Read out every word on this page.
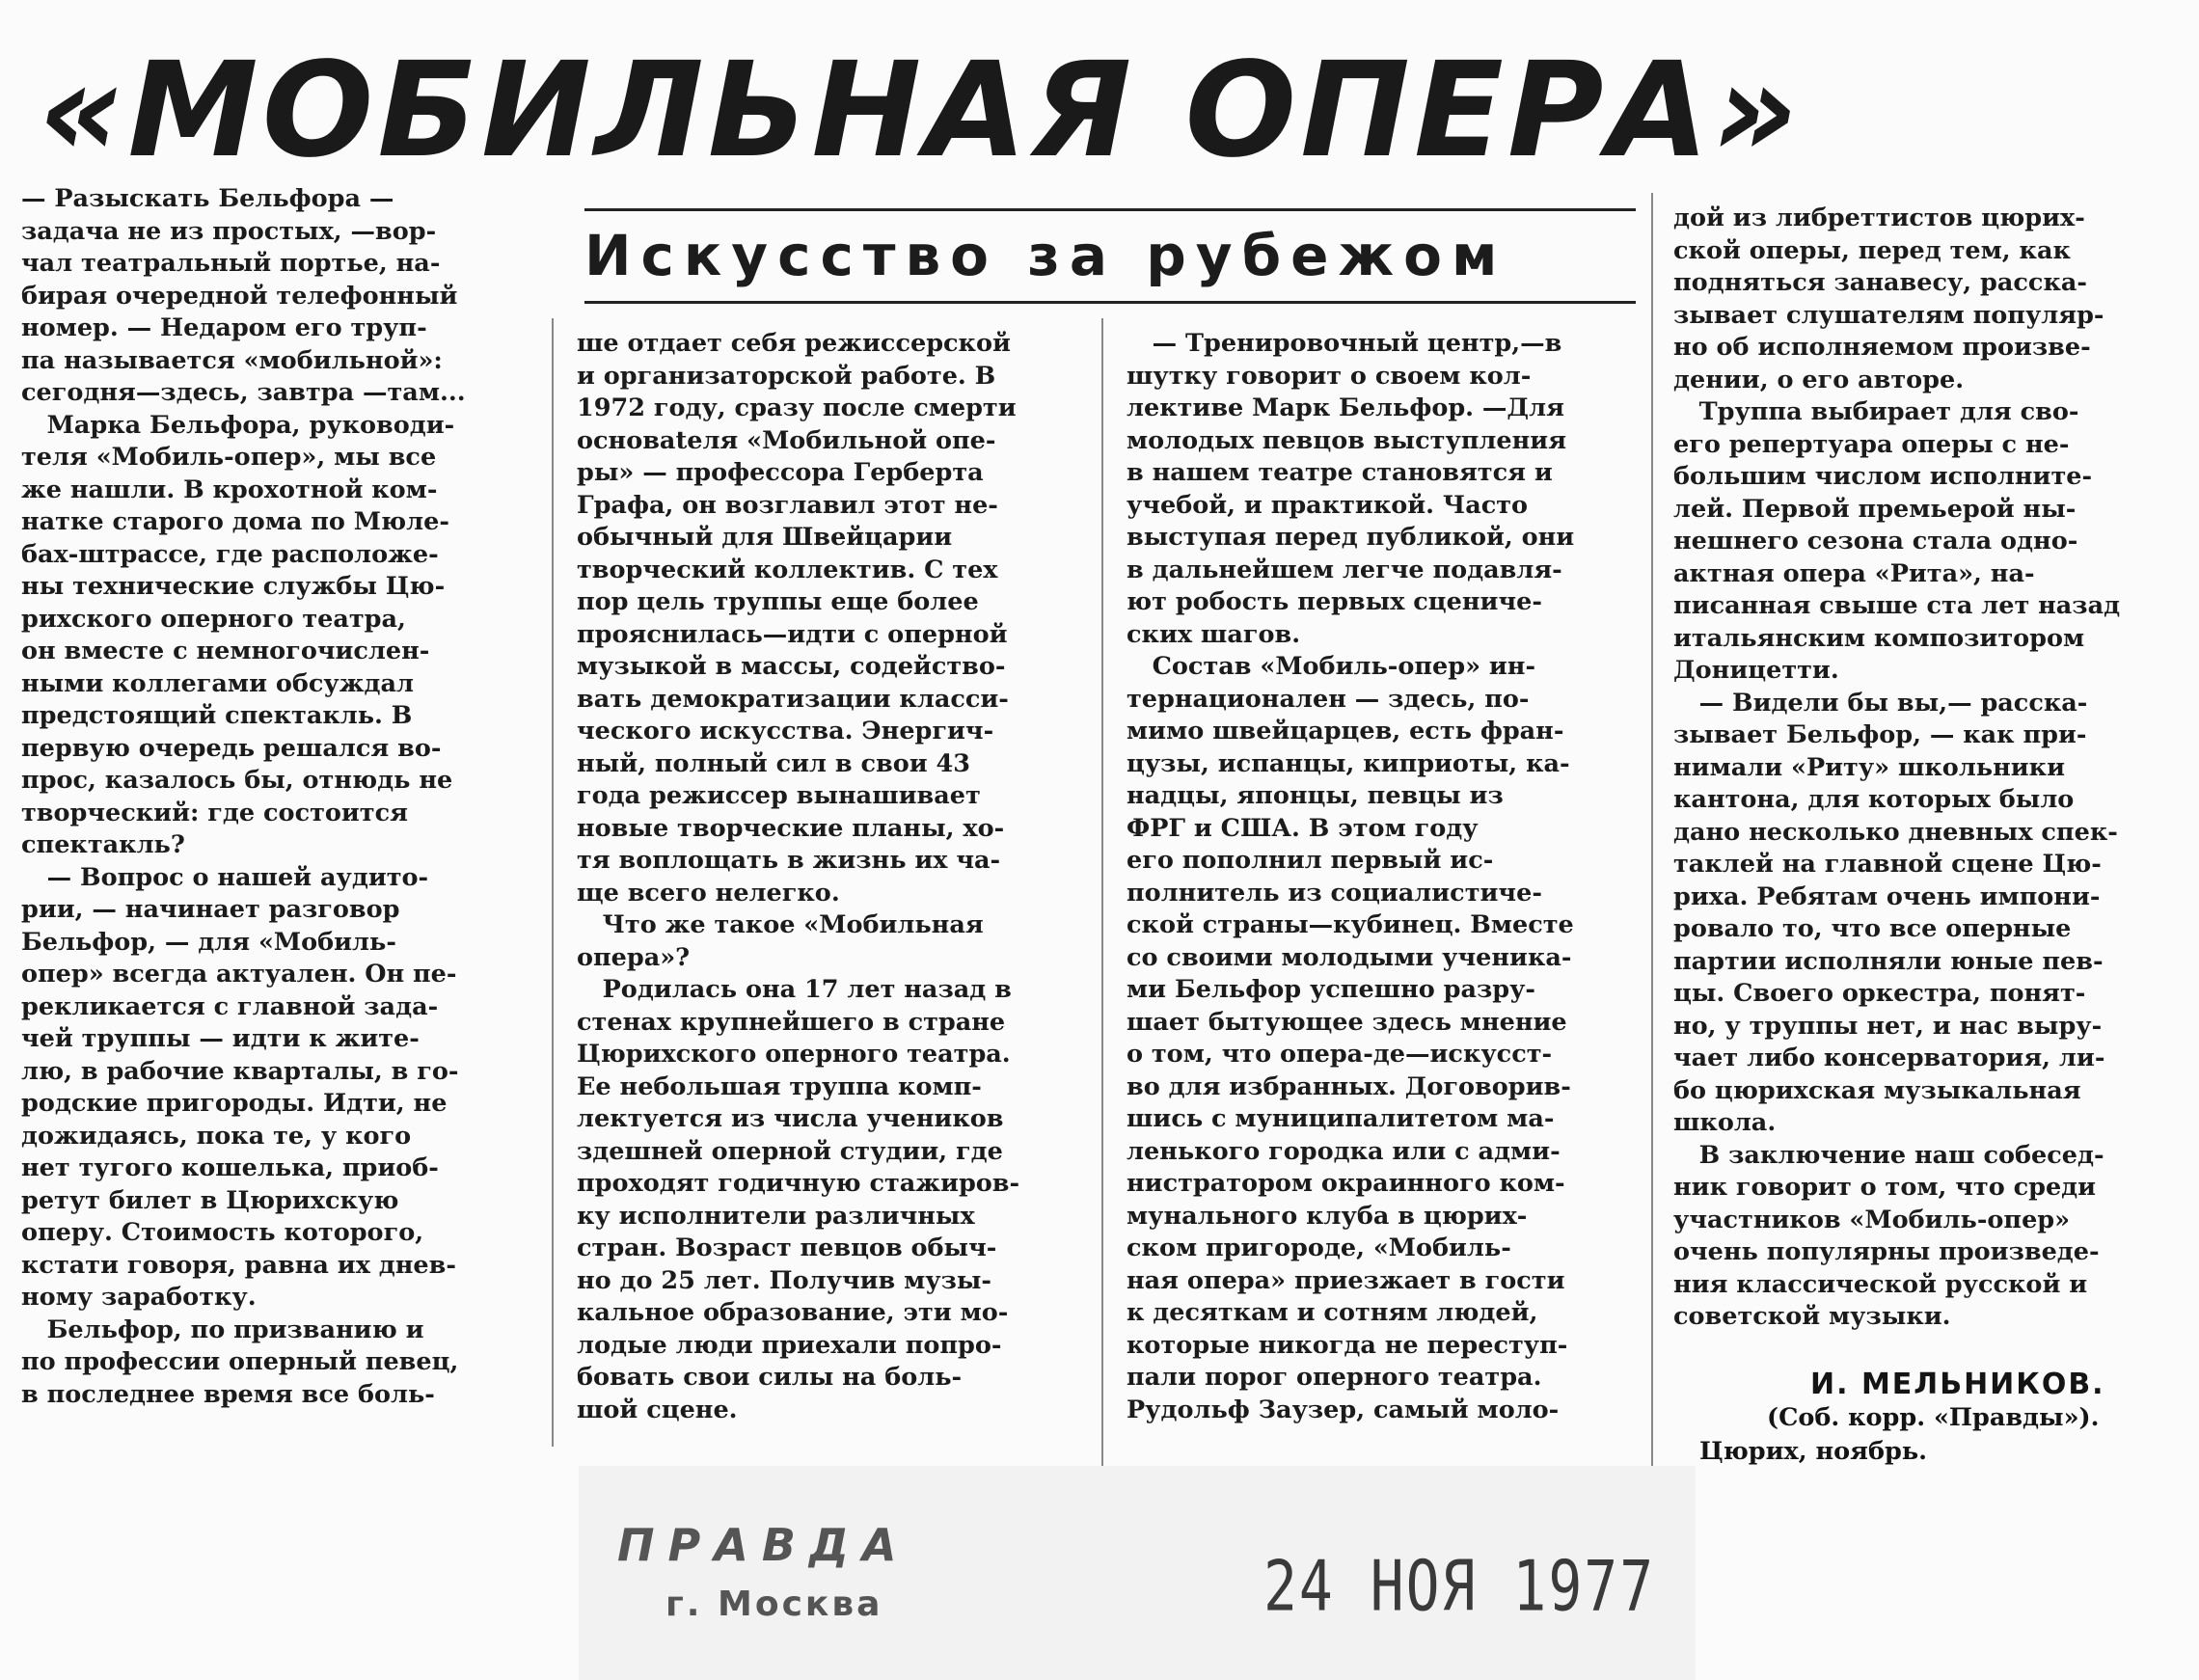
«МОБИЛЬНАЯ ОПЕРА»
Искусство за рубежом
— Разыскать Бельфора —
задача не из простых, —вор-
чал театральный портье, на-
бирая очередной телефонный
номер. — Недаром его труп-
па называется «мобильной»:
сегодня—здесь, завтра —там...
Марка Бельфора, руководи-
теля «Мобиль-опер», мы все
же нашли. В крохотной ком-
натке старого дома по Мюле-
бах-штрассе, где расположе-
ны технические службы Цю-
рихского оперного театра,
он вместе с немногочислен-
ными коллегами обсуждал
предстоящий спектакль. В
первую очередь решался во-
прос, казалось бы, отнюдь не
творческий: где состоится
спектакль?
— Вопрос о нашей аудито-
рии, — начинает разговор
Бельфор, — для «Мобиль-
опер» всегда актуален. Он пе-
рекликается с главной зада-
чей труппы — идти к жите-
лю, в рабочие кварталы, в го-
родские пригороды. Идти, не
дожидаясь, пока те, у кого
нет тугого кошелька, приоб-
ретут билет в Цюрихскую
оперу. Стоимость которого,
кстати говоря, равна их днев-
ному заработку.
Бельфор, по призванию и
по профессии оперный певец,
в последнее время все боль-
ше отдает себя режиссерской
и организаторской работе. В
1972 году, сразу после смерти
основateля «Мобильной опе-
ры» — профессора Герберта
Графа, он возглавил этот не-
обычный для Швейцарии
творческий коллектив. С тех
пор цель труппы еще более
прояснилась—идти с оперной
музыкой в массы, содейство-
вать демократизации класси-
ческого искусства. Энергич-
ный, полный сил в свои 43
года режиссер вынашивает
новые творческие планы, хо-
тя воплощать в жизнь их ча-
ще всего нелегко.
Что же такое «Мобильная
опера»?
Родилась она 17 лет назад в
стенах крупнейшего в стране
Цюрихского оперного театра.
Ее небольшая труппа комп-
лектуется из числа учеников
здешней оперной студии, где
проходят годичную стажиров-
ку исполнители различных
стран. Возраст певцов обыч-
но до 25 лет. Получив музы-
кальное образование, эти мо-
лодые люди приехали попро-
бовать свои силы на боль-
шой сцене.
— Тренировочный центр,—в
шутку говорит о своем кол-
лективе Марк Бельфор. —Для
молодых певцов выступления
в нашем театре становятся и
учебой, и практикой. Часто
выступая перед публикой, они
в дальнейшем легче подавля-
ют робость первых сцениче-
ских шагов.
Состав «Мобиль-опер» ин-
тернационален — здесь, по-
мимо швейцарцев, есть фран-
цузы, испанцы, киприоты, ка-
надцы, японцы, певцы из
ФРГ и США. В этом году
его пополнил первый ис-
полнитель из социалистиче-
ской страны—кубинец. Вместе
со своими молодыми ученика-
ми Бельфор успешно разру-
шает бытующее здесь мнение
о том, что опера-де—искусст-
во для избранных. Договорив-
шись с муниципалитетом ма-
ленького городка или с адми-
нистратором окраинного ком-
мунального клуба в цюрих-
ском пригороде, «Мобиль-
ная опера» приезжает в гости
к десяткам и сотням людей,
которые никогда не переступ-
пали порог оперного театра.
Рудольф Заузер, самый моло-
дой из либреттистов цюрих-
ской оперы, перед тем, как
подняться занавесу, расска-
зывает слушателям популяр-
но об исполняемом произве-
дении, о его авторе.
Труппа выбирает для сво-
его репертуара оперы с не-
большим числом исполните-
лей. Первой премьерой ны-
нешнего сезона стала одно-
актная опера «Рита», на-
писанная свыше ста лет назад
итальянским композитором
Доницетти.
— Видели бы вы,— расска-
зывает Бельфор, — как при-
нимали «Риту» школьники
кантона, для которых было
дано несколько дневных спек-
таклей на главной сцене Цю-
риха. Ребятам очень импони-
ровало то, что все оперные
партии исполняли юные пев-
цы. Своего оркестра, понят-
но, у труппы нет, и нас выру-
чает либо консерватория, ли-
бо цюрихская музыкальная
школа.
В заключение наш собесед-
ник говорит о том, что среди
участников «Мобиль-опер»
очень популярны произведе-
ния классической русской и
советской музыки.
И. МЕЛЬНИКОВ.
(Соб. корр. «Правды»).
Цюрих, ноябрь.
ПРАВДА
г. Москва	24 НОЯ 1977
